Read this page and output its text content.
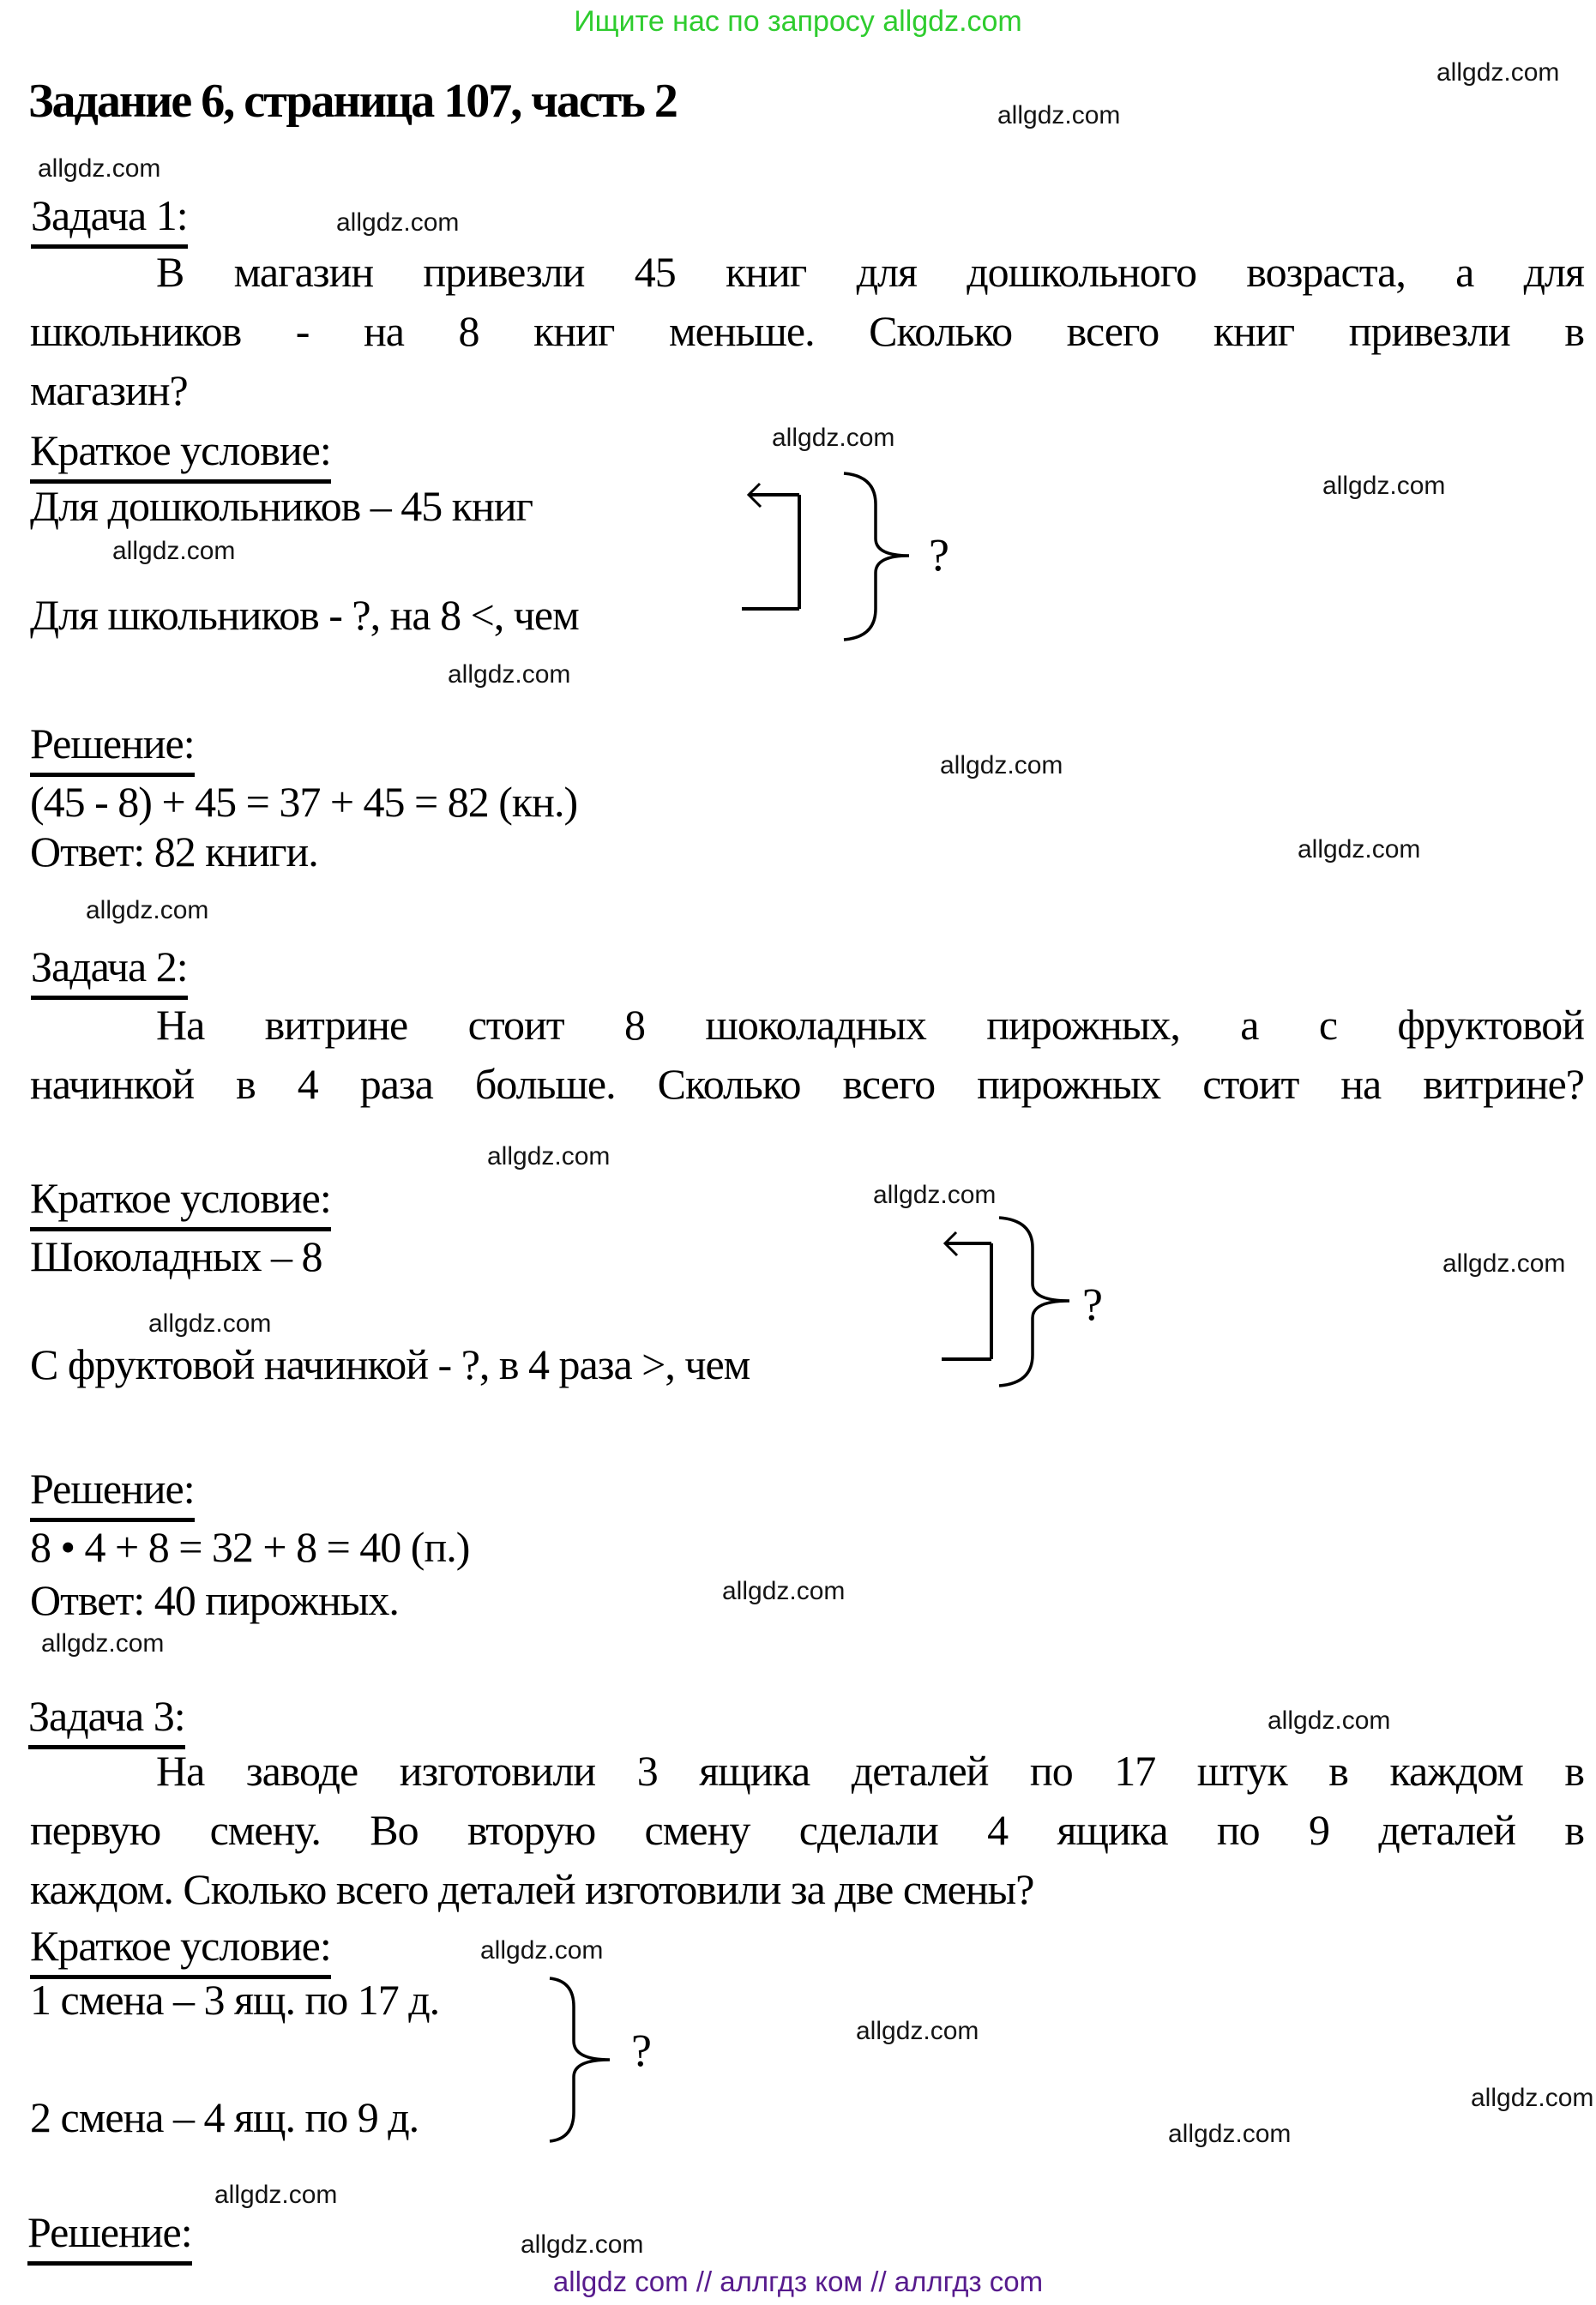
Ищите нас по запросу allgdz.com
Задание 6, страница 107, часть 2
allgdz.com
allgdz.com
allgdz.com
allgdz.com
allgdz.com
allgdz.com
allgdz.com
allgdz.com
allgdz.com
allgdz.com
allgdz.com
allgdz.com
allgdz.com
allgdz.com
allgdz.com
allgdz.com
allgdz.com
allgdz.com
allgdz.com
allgdz.com
allgdz.com
allgdz.com
allgdz.com
allgdz.com
Задача 1:
В магазин привезли 45 книг для дошкольного возраста, а для
школьников - на 8 книг меньше. Сколько всего книг привезли в
магазин?
Краткое условие:
Для дошкольников – 45 книг
Для школьников - ?, на 8 <, чем
?
Решение:
(45 - 8) + 45 = 37 + 45 = 82 (кн.)
Ответ: 82 книги.
Задача 2:
На витрине стоит 8 шоколадных пирожных, а с фруктовой
начинкой в 4 раза больше. Сколько всего пирожных стоит на витрине?
Краткое условие:
Шоколадных – 8
С фруктовой начинкой - ?, в 4 раза >, чем
?
Решение:
8 • 4 + 8 = 32 + 8 = 40 (п.)
Ответ: 40 пирожных.
Задача 3:
На заводе изготовили 3 ящика деталей по 17 штук в каждом в
первую смену. Во вторую смену сделали 4 ящика по 9 деталей в
каждом. Сколько всего деталей изготовили за две смены?
Краткое условие:
1 смена – 3 ящ. по 17 д.
2 смена – 4 ящ. по 9 д.
?
Решение:
allgdz com // аллгдз ком // аллгдз com
